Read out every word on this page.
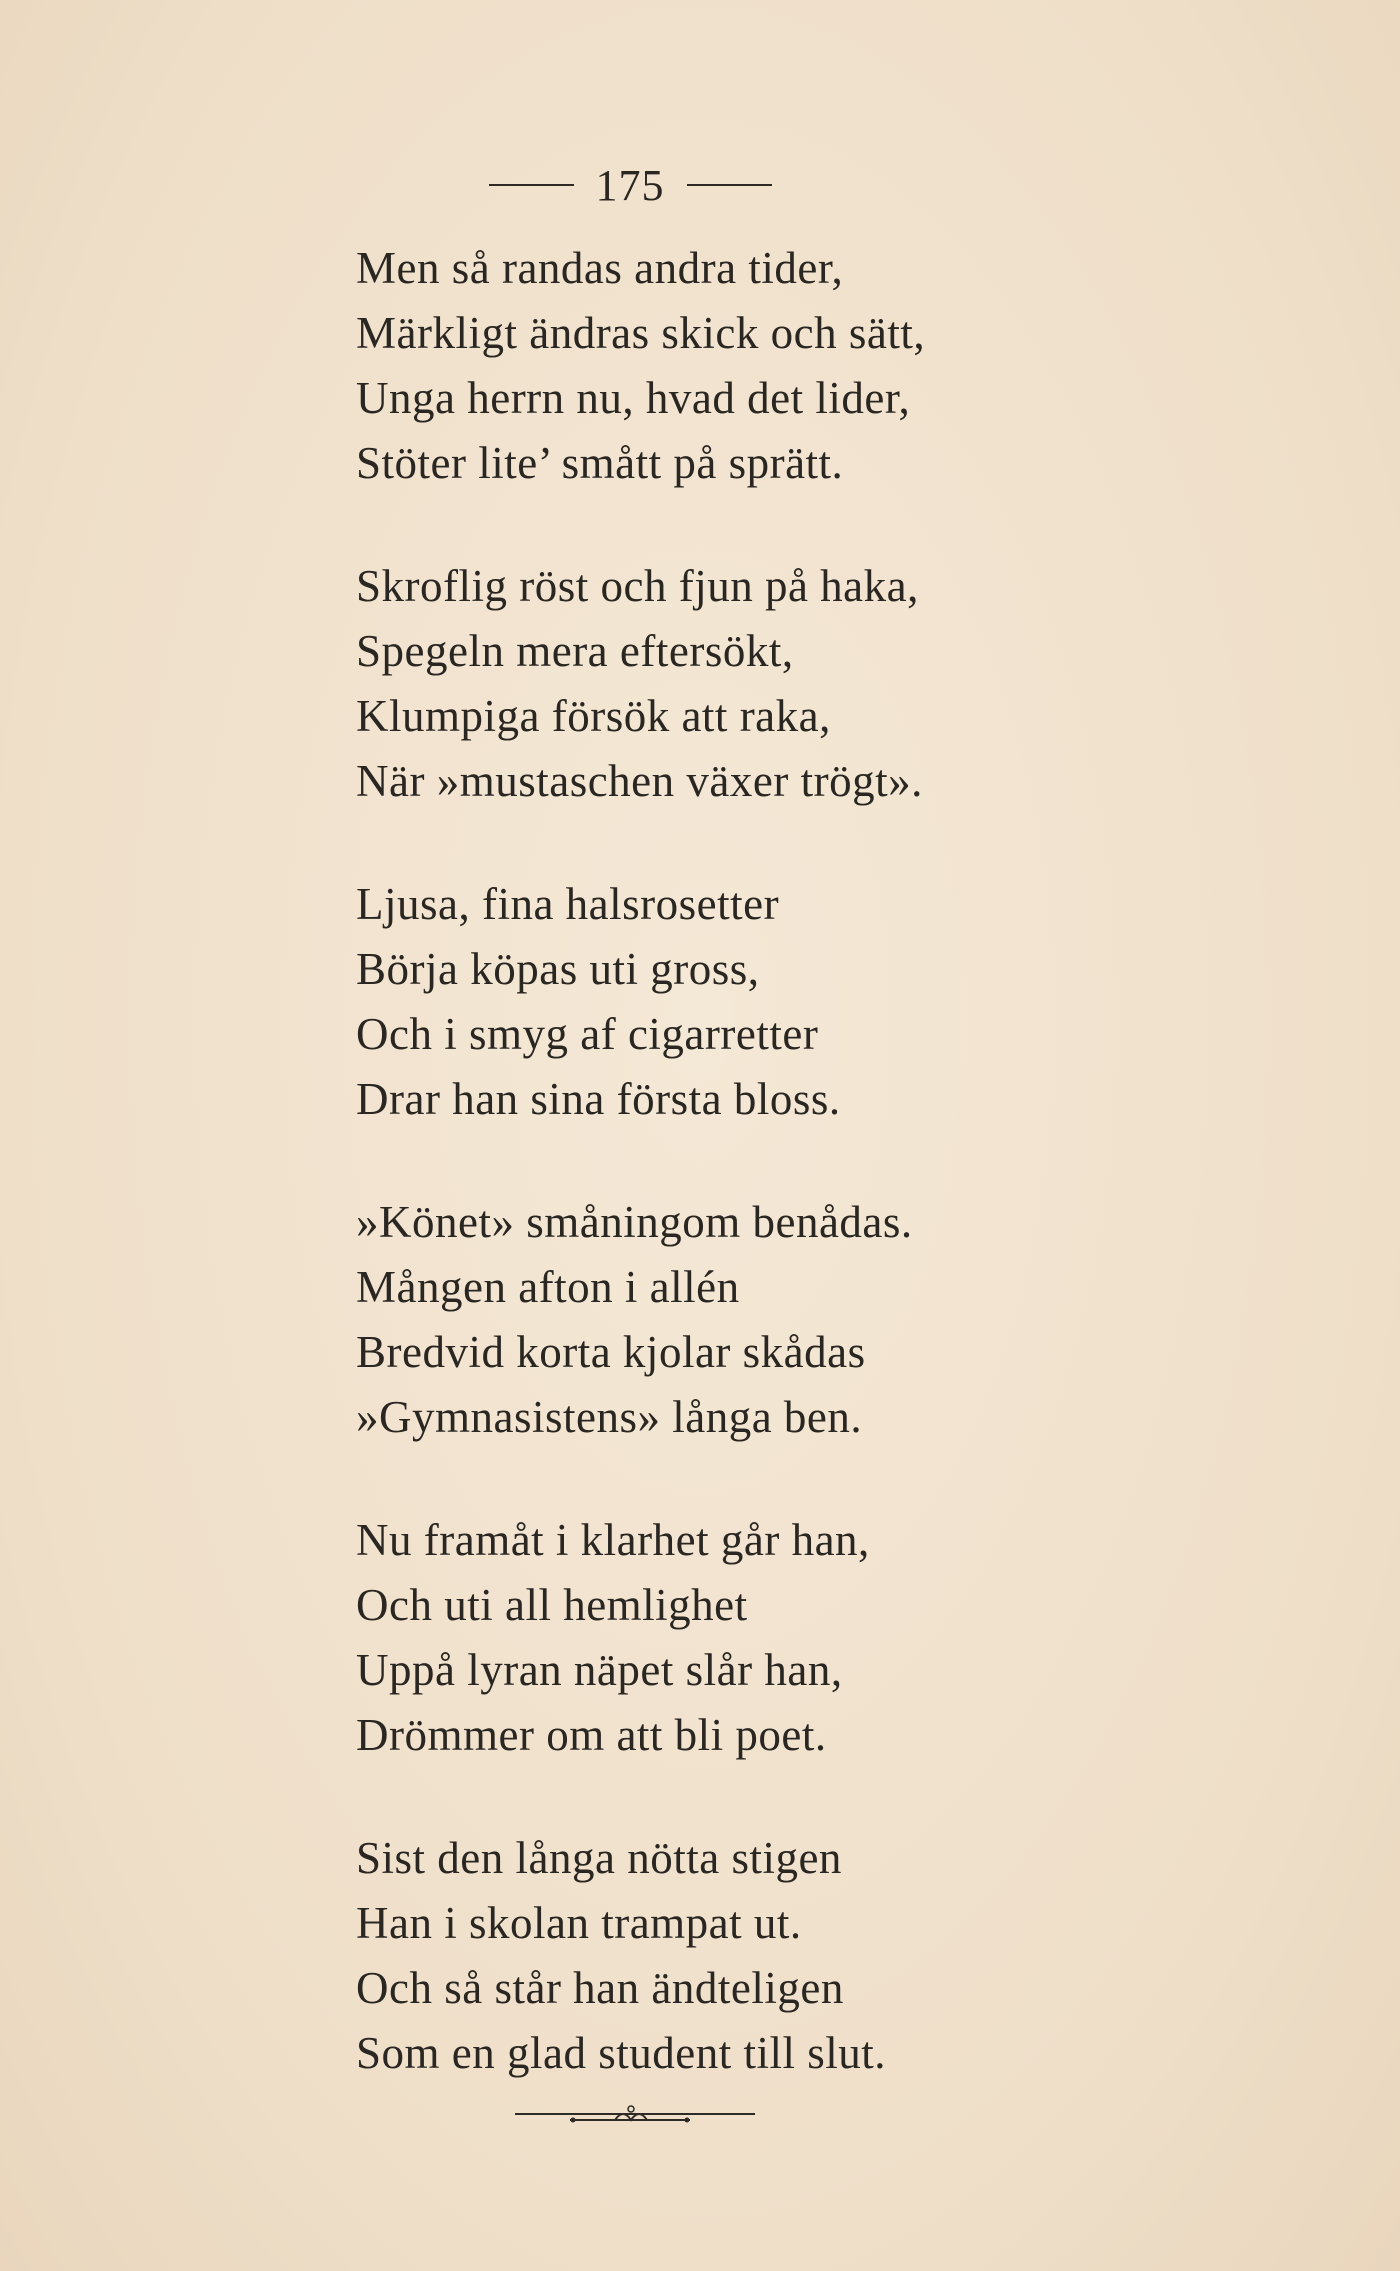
175
Men så randas andra tider,
Märkligt ändras skick och sätt,
Unga herrn nu, hvad det lider,
Stöter lite’ smått på sprätt.
Skroflig röst och fjun på haka,
Spegeln mera eftersökt,
Klumpiga försök att raka,
När »mustaschen växer trögt».
Ljusa, fina halsrosetter
Börja köpas uti gross,
Och i smyg af cigarretter
Drar han sina första bloss.
»Könet» småningom benådas.
Mången afton i allén
Bredvid korta kjolar skådas
»Gymnasistens» långa ben.
Nu framåt i klarhet går han,
Och uti all hemlighet
Uppå lyran näpet slår han,
Drömmer om att bli poet.
Sist den långa nötta stigen
Han i skolan trampat ut.
Och så står han ändteligen
Som en glad student till slut.
